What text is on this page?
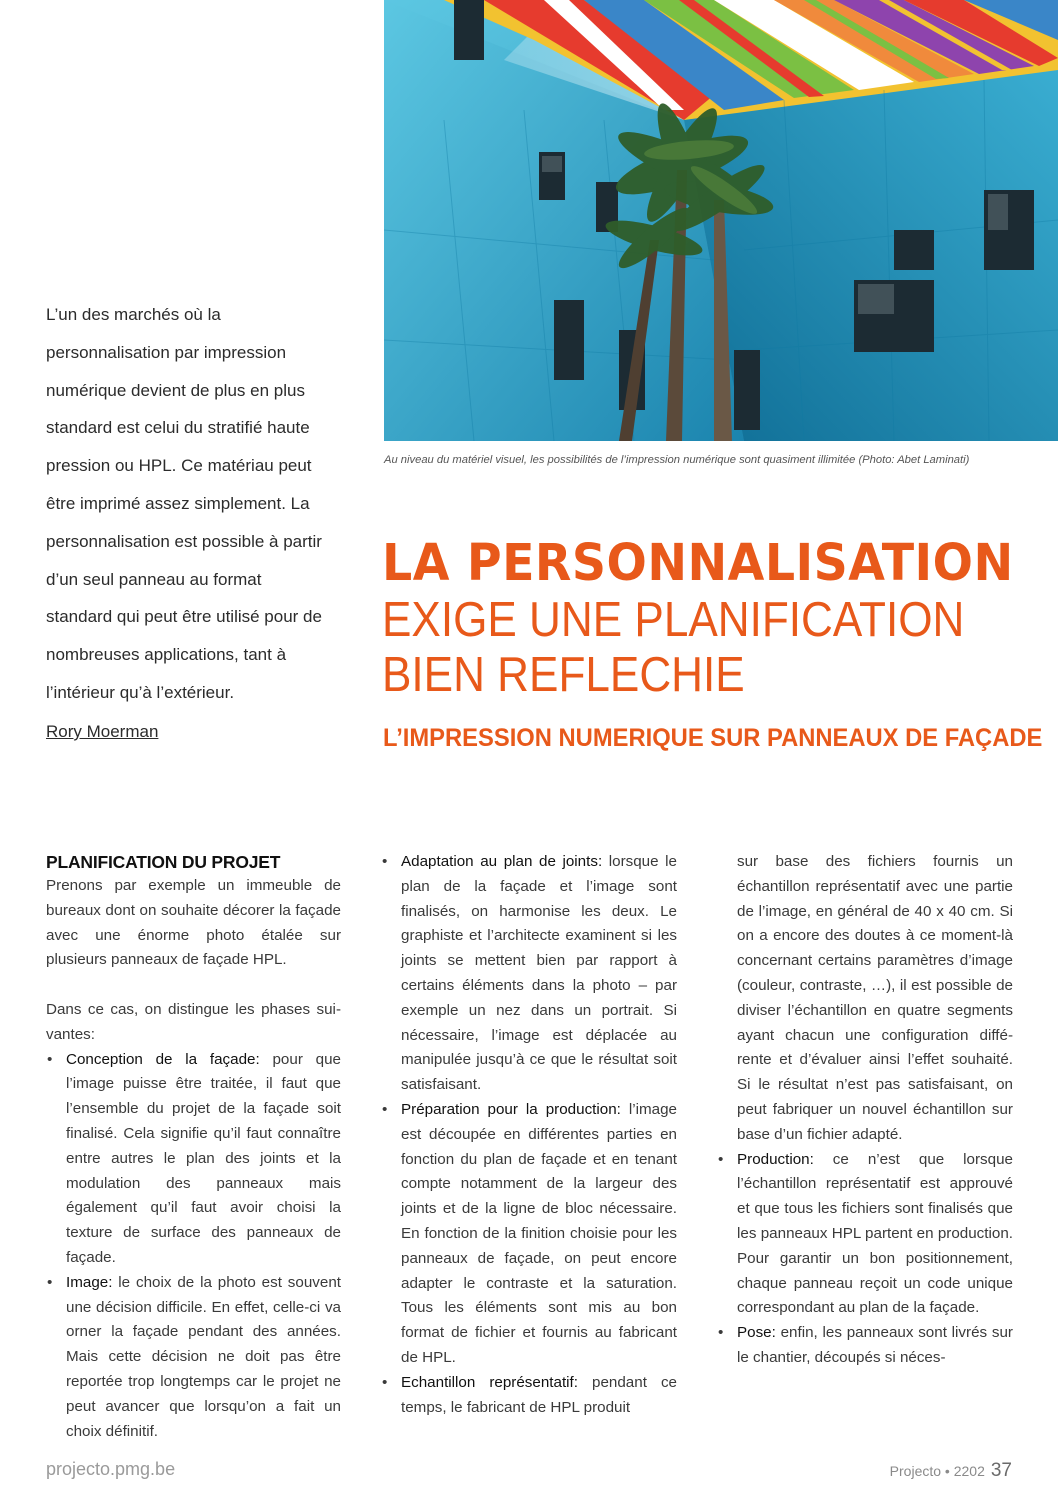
Au niveau du matériel visuel, les possibilités de l’impression numérique sont quasiment illimitée (Photo: Abet Laminati)

L’un des marchés où la personnalisation par impression numérique devient de plus en plus standard est celui du stratifié haute pression ou HPL. Ce matériau peut être imprimé assez simplement. La personnalisation est possible à partir d’un seul panneau au format standard qui peut être utilisé pour de nombreuses applications, tant à l’intérieur qu’à l’extérieur.

Rory Moerman
LA PERSONNALISATION
EXIGE UNE PLANIFICATION
BIEN REFLECHIE
L’IMPRESSION NUMERIQUE SUR PANNEAUX DE FAÇADE
PLANIFICATION DU PROJET

Prenons par exemple un immeuble de bureaux dont on souhaite décorer la façade avec une énorme photo étalée sur plusieurs panneaux de façade HPL.

Dans ce cas, on distingue les phases suivantes:

• Conception de la façade: pour que l’image puisse être traitée, il faut que l’ensemble du projet de la façade soit finalisé. Cela signifie qu’il faut connaître entre autres le plan des joints et la modulation des panneaux mais également qu’il faut avoir choisi la texture de surface des panneaux de façade.
• Image: le choix de la photo est souvent une décision difficile. En effet, celle-ci va orner la façade pendant des années. Mais cette décision ne doit pas être reportée trop longtemps car le projet ne peut avancer que lorsqu’on a fait un choix définitif.
• Adaptation au plan de joints: lorsque le plan de la façade et l’image sont finalisés, on harmonise les deux. Le graphiste et l’architecte examinent si les joints se mettent bien par rapport à certains éléments dans la photo – par exemple un nez dans un portrait. Si nécessaire, l’image est déplacée au manipulée jusqu’à ce que le résultat soit satisfaisant.
• Préparation pour la production: l’image est découpée en différentes parties en fonction du plan de façade et en tenant compte notamment de la largeur des joints et de la ligne de bloc nécessaire. En fonction de la finition choisie pour les panneaux de façade, on peut encore adapter le contraste et la saturation. Tous les éléments sont mis au bon format de fichier et fournis au fabricant de HPL.
• Echantillon représentatif: pendant ce temps, le fabricant de HPL produit
sur base des fichiers fournis un échantillon représentatif avec une partie de l’image, en général de 40 x 40 cm. Si on a encore des doutes à ce moment-là concernant certains paramètres d’image (couleur, contraste, …), il est possible de diviser l’échantillon en quatre segments ayant chacun une configuration différente et d’évaluer ainsi l’effet souhaité. Si le résultat n’est pas satisfaisant, on peut fabriquer un nouvel échantillon sur base d’un fichier adapté.
• Production: ce n’est que lorsque l’échantillon représentatif est approuvé et que tous les fichiers sont finalisés que les panneaux HPL partent en production. Pour garantir un bon positionnement, chaque panneau reçoit un code unique correspondant au plan de la façade.
• Pose: enfin, les panneaux sont livrés sur le chantier, découpés si néces-
projecto.pmg.be	Projecto • 2202 37
